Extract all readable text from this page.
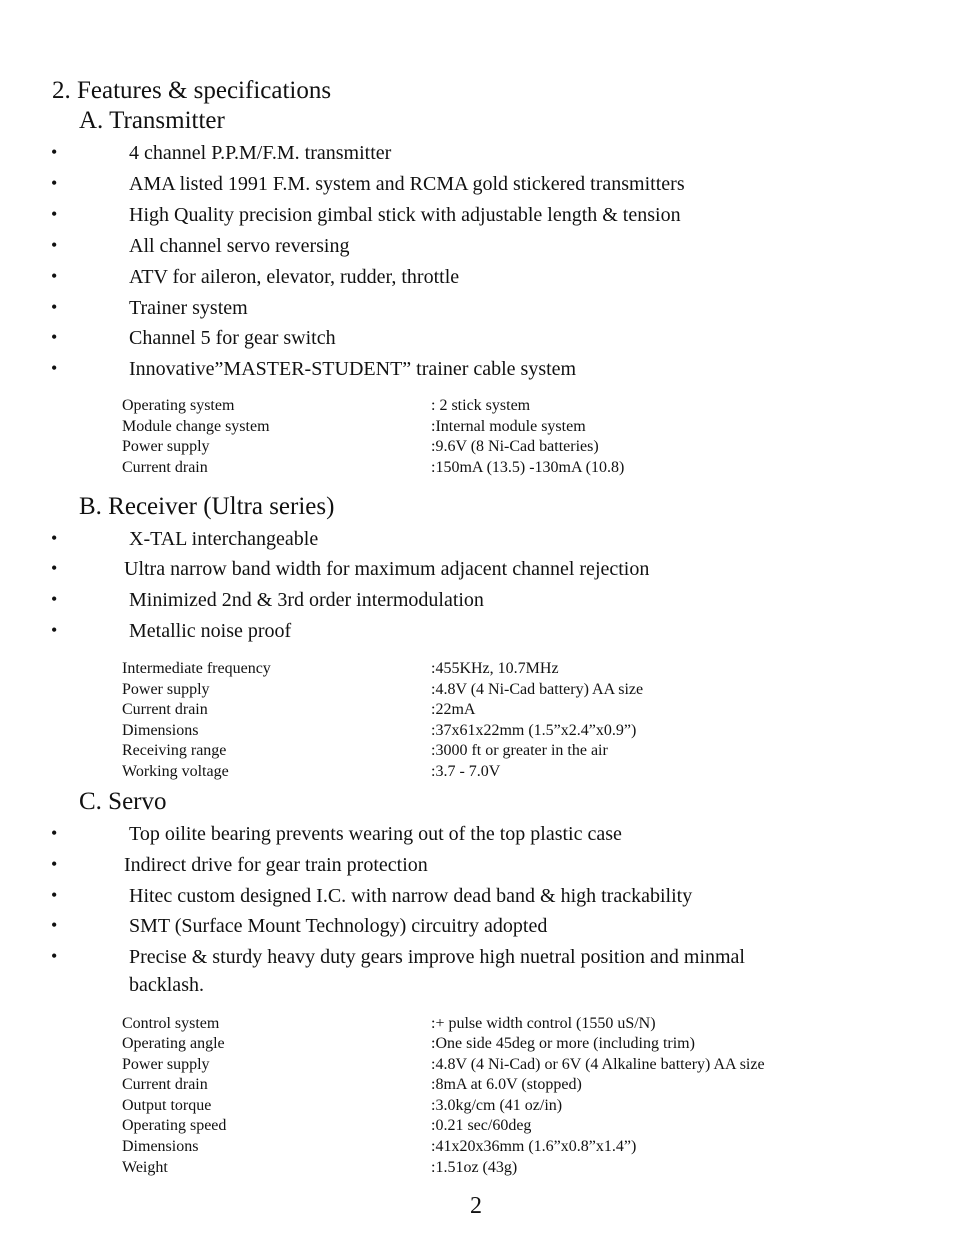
2. Features & specifications
A. Transmitter
•	4 channel P.P.M/F.M. transmitter
•	AMA listed 1991 F.M. system and RCMA gold stickered transmitters
•	High Quality precision gimbal stick with adjustable length & tension
•	All channel servo reversing
•	ATV for aileron, elevator, rudder, throttle
•	Trainer system
•	Channel 5 for gear switch
•	Innovative”MASTER-STUDENT” trainer cable system
Operating system	: 2 stick system
Module change system	:Internal module system
Power supply	:9.6V (8 Ni-Cad batteries)
Current drain	:150mA (13.5) -130mA (10.8)
B. Receiver (Ultra series)
•	X-TAL interchangeable
•	Ultra narrow band width for maximum adjacent channel rejection
•	Minimized 2nd & 3rd order intermodulation
•	Metallic noise proof
Intermediate frequency	:455KHz, 10.7MHz
Power supply	:4.8V (4 Ni-Cad battery) AA size
Current drain	:22mA
Dimensions	:37x61x22mm (1.5”x2.4”x0.9”)
Receiving range	:3000 ft or greater in the air
Working voltage	:3.7 - 7.0V
C. Servo
•	Top oilite bearing prevents wearing out of the top plastic case
•	Indirect drive for gear train protection
•	Hitec custom designed I.C. with narrow dead band & high trackability
•	SMT (Surface Mount Technology) circuitry adopted
•	Precise & sturdy heavy duty gears improve high nuetral position and minmal
backlash.
Control system	:+ pulse width control (1550 uS/N)
Operating angle	:One side 45deg or more (including trim)
Power supply	:4.8V (4 Ni-Cad) or 6V (4 Alkaline battery) AA size
Current drain	:8mA at 6.0V (stopped)
Output torque	:3.0kg/cm (41 oz/in)
Operating speed	:0.21 sec/60deg
Dimensions	:41x20x36mm (1.6”x0.8”x1.4”)
Weight	:1.51oz (43g)
2
